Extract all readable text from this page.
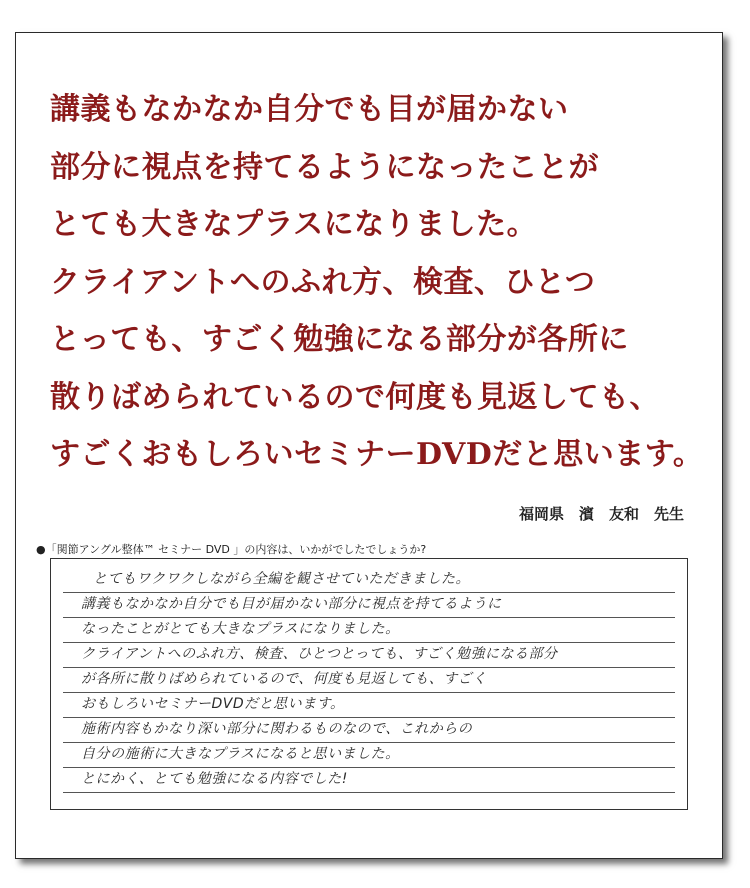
講義もなかなか自分でも目が届かない
部分に視点を持てるようになったことが
とても大きなプラスになりました。
クライアントへのふれ方、検査、ひとつ
とっても、すごく勉強になる部分が各所に
散りばめられているので何度も見返しても、
すごくおもしろいセミナーDVDだと思います。
福岡県　濱　友和　先生
●「関節アングル整体™ セミナー DVD 」の内容は、いかがでしたでしょうか?
とてもワクワクしながら全編を観させていただきました。
講義もなかなか自分でも目が届かない部分に視点を持てるように
なったことがとても大きなプラスになりました。
クライアントへのふれ方、検査、ひとつとっても、すごく勉強になる部分
が各所に散りばめられているので、何度も見返しても、すごく
おもしろいセミナーDVDだと思います。
施術内容もかなり深い部分に関わるものなので、これからの
自分の施術に大きなプラスになると思いました。
とにかく、とても勉強になる内容でした!
